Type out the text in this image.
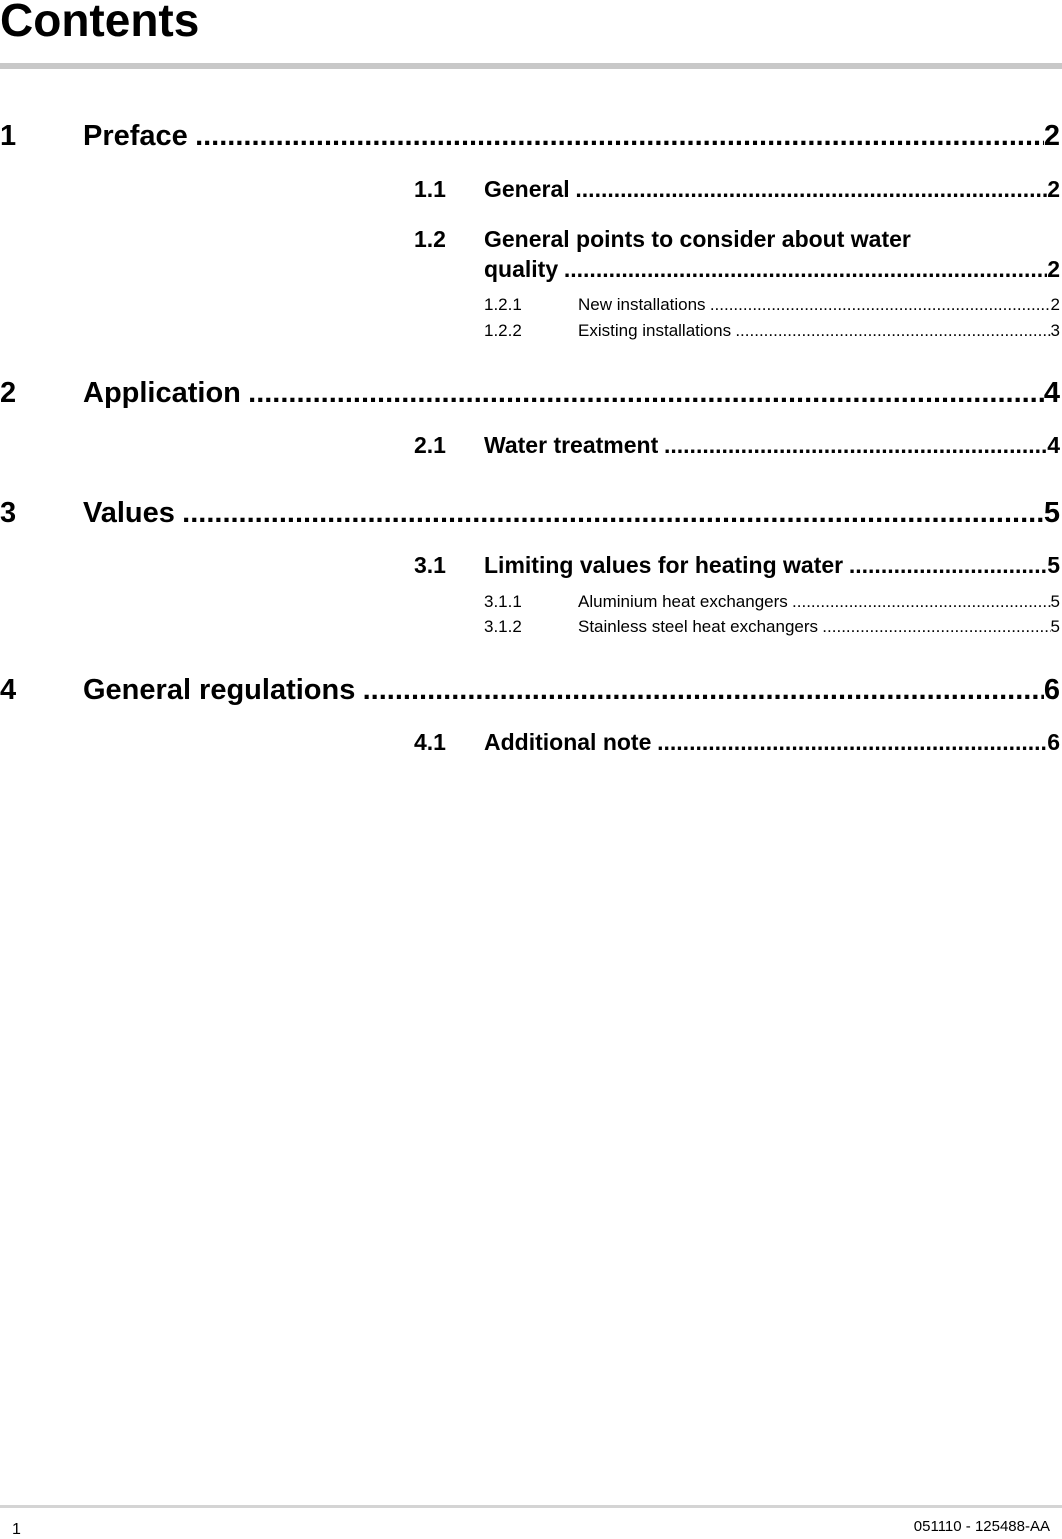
Contents
1	Preface .....	2
1.1	General .....	2
1.2	General points to consider about water
quality .....	2
1.2.1	New installations .....	2
1.2.2	Existing installations .....	3
2	Application .....	4
2.1	Water treatment .....	4
3	Values .....	5
3.1	Limiting values for heating water .....	5
3.1.1	Aluminium heat exchangers .....	5
3.1.2	Stainless steel heat exchangers .....	5
4	General regulations .....	6
4.1	Additional note .....	6
1	051110 - 125488-AA
